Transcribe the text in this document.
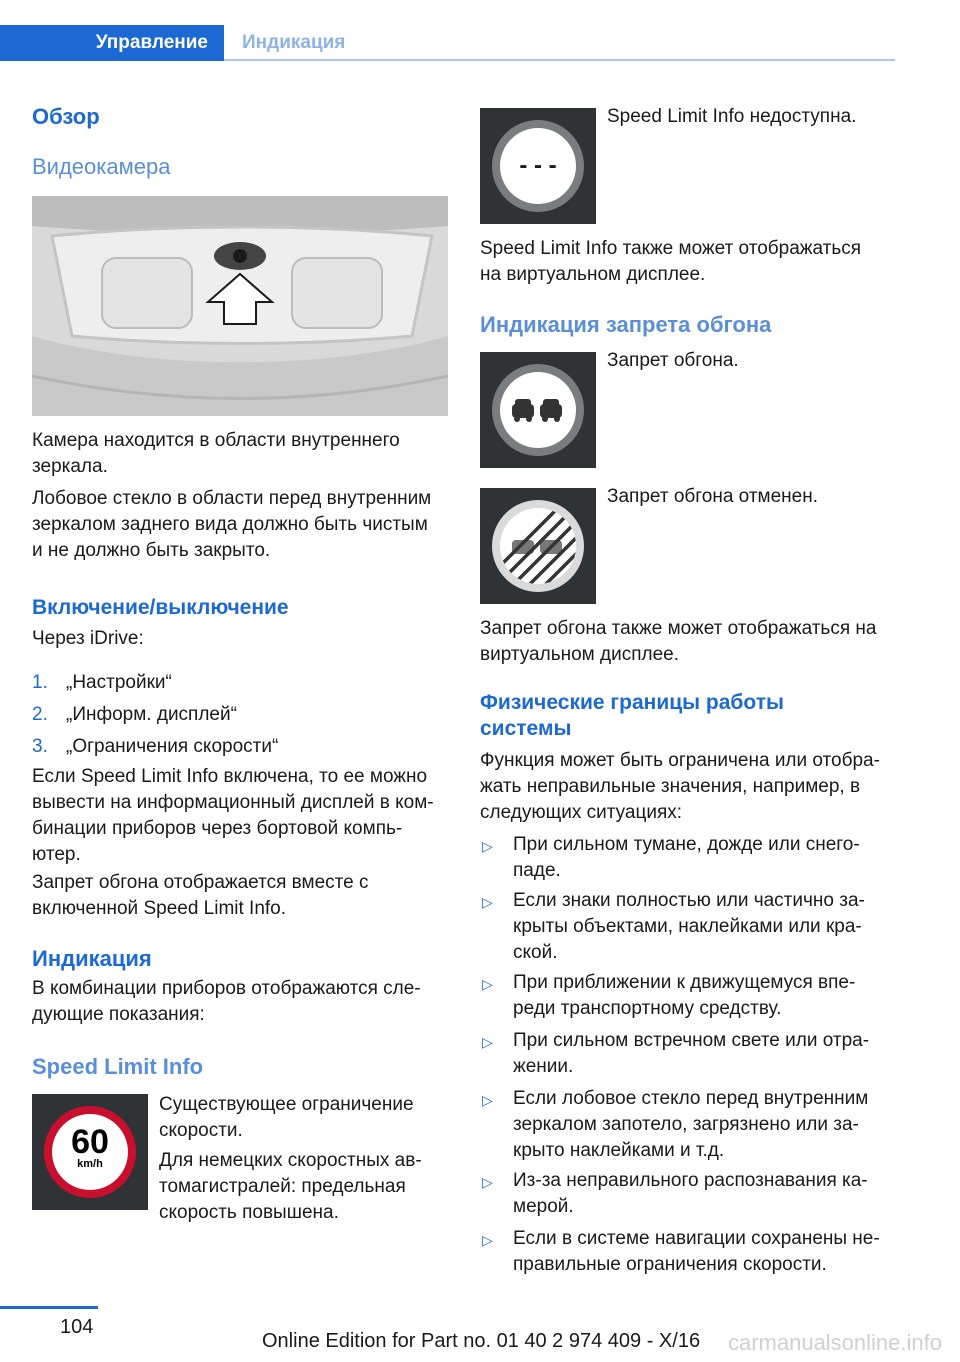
Управление Индикация
Обзор
Видеокамера
Камера находится в области внутреннего
зеркала.
Лобовое стекло в области перед внутренним
зеркалом заднего вида должно быть чистым
и не должно быть закрыто.
Включение/выключение
Через iDrive:
1. „Настройки“
2. „Информ. дисплей“
3. „Ограничения скорости“
Если Speed Limit Info включена, то ее можно
вывести на информационный дисплей в ком‐
бинации приборов через бортовой компь‐
ютер.
Запрет обгона отображается вместе с
включенной Speed Limit Info.
Индикация
В комбинации приборов отображаются сле‐
дующие показания:
Speed Limit Info
60
km/h
Существующее ограничение
скорости.
Для немецких скоростных ав‐
томагистралей: предельная
скорость повышена.
- - -
Speed Limit Info недоступна.
Speed Limit Info также может отображаться
на виртуальном дисплее.
Индикация запрета обгона
Запрет обгона.
Запрет обгона отменен.
Запрет обгона также может отображаться на
виртуальном дисплее.
Физические границы работы
системы
Функция может быть ограничена или отобра‐
жать неправильные значения, например, в
следующих ситуациях:
▷ При сильном тумане, дожде или снего‐
паде.
▷ Если знаки полностью или частично за‐
крыты объектами, наклейками или кра‐
ской.
▷ При приближении к движущемуся впе‐
реди транспортному средству.
▷ При сильном встречном свете или отра‐
жении.
▷ Если лобовое стекло перед внутренним
зеркалом запотело, загрязнено или за‐
крыто наклейками и т.д.
▷ Из-за неправильного распознавания ка‐
мерой.
▷ Если в системе навигации сохранены не‐
правильные ограничения скорости.
104
Online Edition for Part no. 01 40 2 974 409 - X/16 carmanualsonline.info
